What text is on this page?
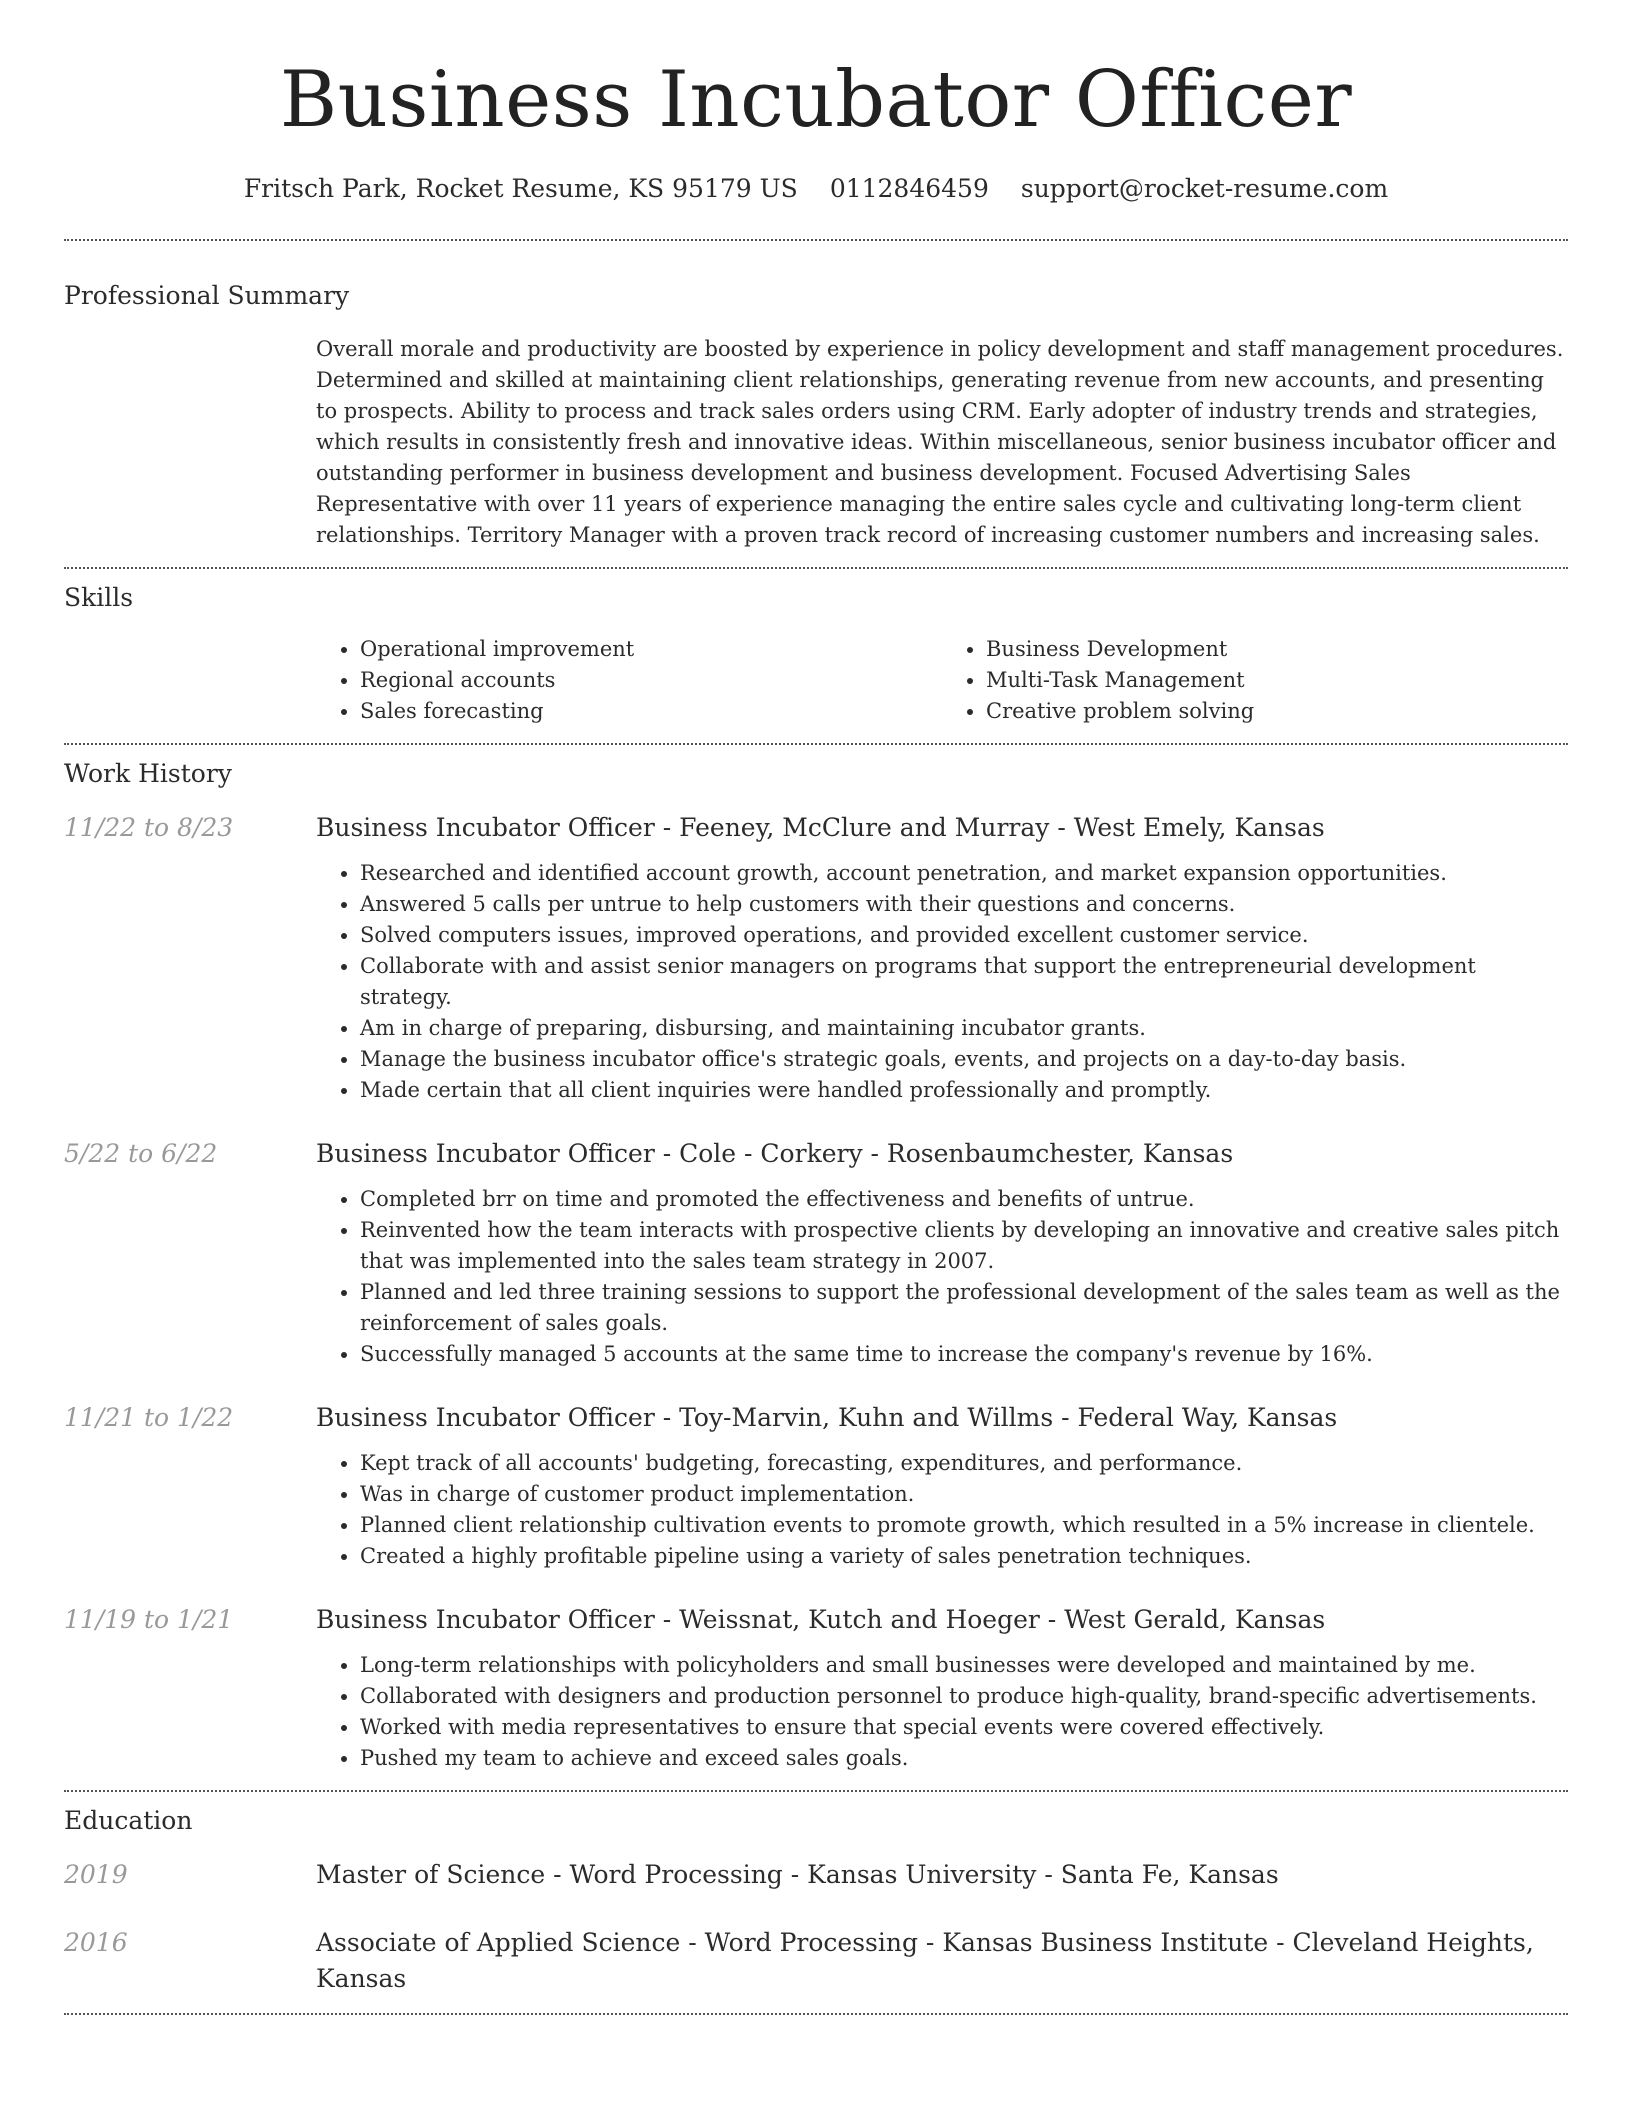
Business Incubator Officer
Fritsch Park, Rocket Resume, KS 95179 US 0112846459 support@rocket-resume.com
Professional Summary

Overall morale and productivity are boosted by experience in policy development and staff management procedures. Determined and skilled at maintaining client relationships, generating revenue from new accounts, and presenting to prospects. Ability to process and track sales orders using CRM. Early adopter of industry trends and strategies, which results in consistently fresh and innovative ideas. Within miscellaneous, senior business incubator officer and outstanding performer in business development and business development. Focused Advertising Sales Representative with over 11 years of experience managing the entire sales cycle and cultivating long-term client relationships. Territory Manager with a proven track record of increasing customer numbers and increasing sales.

Skills
• Operational improvement
• Regional accounts
• Sales forecasting
• Business Development
• Multi-Task Management
• Creative problem solving
Work History
11/22 to 8/23	Business Incubator Officer - Feeney, McClure and Murray - West Emely, Kansas
• Researched and identified account growth, account penetration, and market expansion opportunities.
• Answered 5 calls per untrue to help customers with their questions and concerns.
• Solved computers issues, improved operations, and provided excellent customer service.
• Collaborate with and assist senior managers on programs that support the entrepreneurial development strategy.
• Am in charge of preparing, disbursing, and maintaining incubator grants.
• Manage the business incubator office's strategic goals, events, and projects on a day-to-day basis.
• Made certain that all client inquiries were handled professionally and promptly.
5/22 to 6/22	Business Incubator Officer - Cole - Corkery - Rosenbaumchester, Kansas
• Completed brr on time and promoted the effectiveness and benefits of untrue.
• Reinvented how the team interacts with prospective clients by developing an innovative and creative sales pitch that was implemented into the sales team strategy in 2007.
• Planned and led three training sessions to support the professional development of the sales team as well as the reinforcement of sales goals.
• Successfully managed 5 accounts at the same time to increase the company's revenue by 16%.
11/21 to 1/22	Business Incubator Officer - Toy-Marvin, Kuhn and Willms - Federal Way, Kansas
• Kept track of all accounts' budgeting, forecasting, expenditures, and performance.
• Was in charge of customer product implementation.
• Planned client relationship cultivation events to promote growth, which resulted in a 5% increase in clientele.
• Created a highly profitable pipeline using a variety of sales penetration techniques.
11/19 to 1/21	Business Incubator Officer - Weissnat, Kutch and Hoeger - West Gerald, Kansas
• Long-term relationships with policyholders and small businesses were developed and maintained by me.
• Collaborated with designers and production personnel to produce high-quality, brand-specific advertisements.
• Worked with media representatives to ensure that special events were covered effectively.
• Pushed my team to achieve and exceed sales goals.
Education
2019	Master of Science - Word Processing - Kansas University - Santa Fe, Kansas
2016	Associate of Applied Science - Word Processing - Kansas Business Institute - Cleveland Heights, Kansas
